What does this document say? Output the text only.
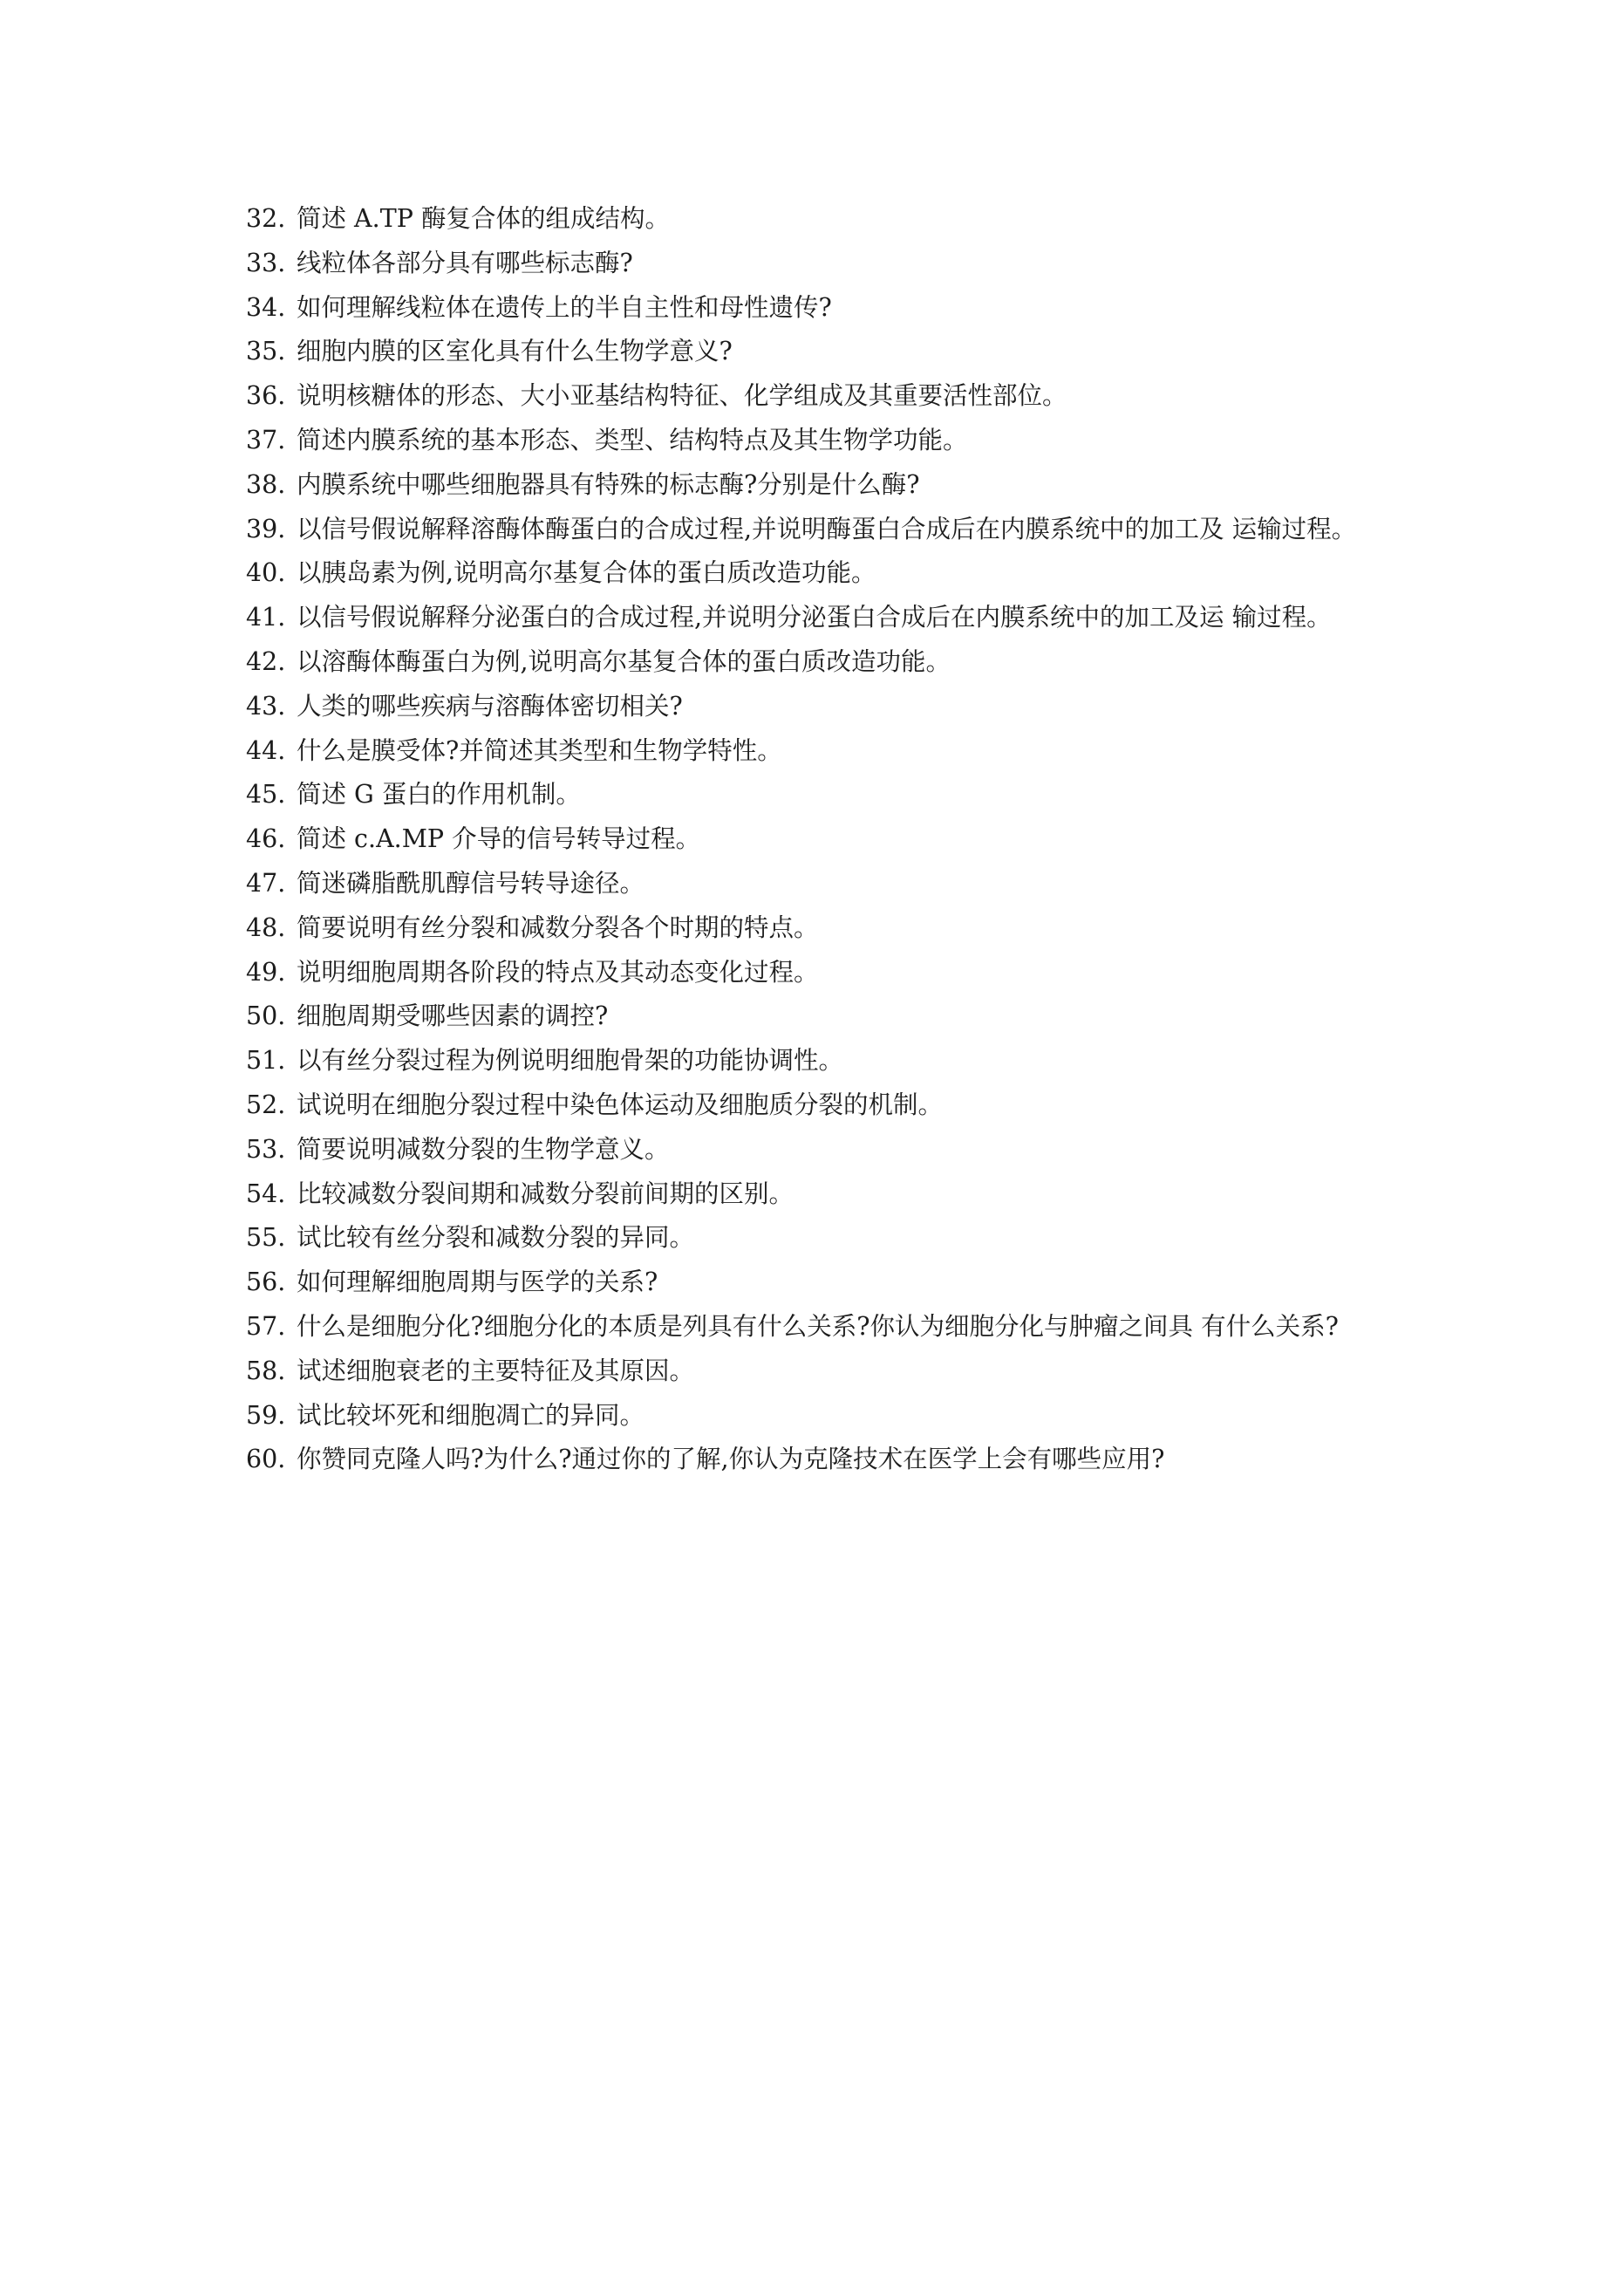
32. 简述 A.TP 酶复合体的组成结构。
33. 线粒体各部分具有哪些标志酶?
34. 如何理解线粒体在遗传上的半自主性和母性遗传?
35. 细胞内膜的区室化具有什么生物学意义?
36. 说明核糖体的形态、大小亚基结构特征、化学组成及其重要活性部位。
37. 简述内膜系统的基本形态、类型、结构特点及其生物学功能。
38. 内膜系统中哪些细胞器具有特殊的标志酶?分别是什么酶?
39. 以信号假说解释溶酶体酶蛋白的合成过程,并说明酶蛋白合成后在内膜系统中的加工及 运输过程。
40. 以胰岛素为例,说明高尔基复合体的蛋白质改造功能。
41. 以信号假说解释分泌蛋白的合成过程,并说明分泌蛋白合成后在内膜系统中的加工及运 输过程。
42. 以溶酶体酶蛋白为例,说明高尔基复合体的蛋白质改造功能。
43. 人类的哪些疾病与溶酶体密切相关?
44. 什么是膜受体?并简述其类型和生物学特性。
45. 简述 G 蛋白的作用机制。
46. 简述 c.A.MP 介导的信号转导过程。
47. 简迷磷脂酰肌醇信号转导途径。
48. 简要说明有丝分裂和减数分裂各个时期的特点。
49. 说明细胞周期各阶段的特点及其动态变化过程。
50. 细胞周期受哪些因素的调控?
51. 以有丝分裂过程为例说明细胞骨架的功能协调性。
52. 试说明在细胞分裂过程中染色体运动及细胞质分裂的机制。
53. 简要说明减数分裂的生物学意义。
54. 比较减数分裂间期和减数分裂前间期的区别。
55. 试比较有丝分裂和减数分裂的异同。
56. 如何理解细胞周期与医学的关系?
57. 什么是细胞分化?细胞分化的本质是列具有什么关系?你认为细胞分化与肿瘤之间具 有什么关系?
58. 试述细胞衰老的主要特征及其原因。
59. 试比较坏死和细胞凋亡的异同。
60. 你赞同克隆人吗?为什么?通过你的了解,你认为克隆技术在医学上会有哪些应用?
